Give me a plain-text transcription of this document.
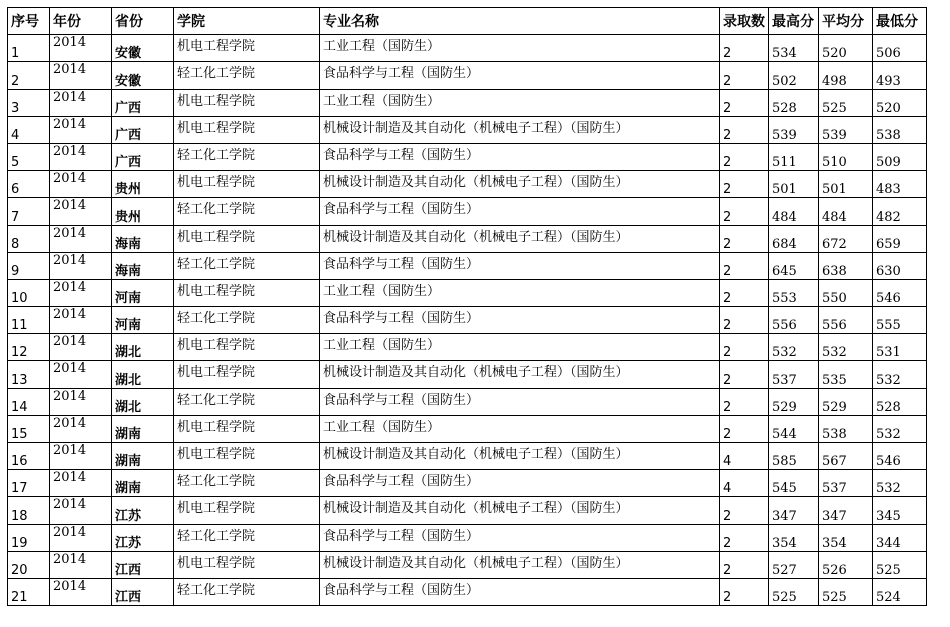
序号	年份	省份	学院	专业名称	录取数	最高分	平均分	最低分
1	2014	安徽	机电工程学院	工业工程（国防生）	2	534	520	506
2	2014	安徽	轻工化工学院	食品科学与工程（国防生）	2	502	498	493
3	2014	广西	机电工程学院	工业工程（国防生）	2	528	525	520
4	2014	广西	机电工程学院	机械设计制造及其自动化（机械电子工程）（国防生）	2	539	539	538
5	2014	广西	轻工化工学院	食品科学与工程（国防生）	2	511	510	509
6	2014	贵州	机电工程学院	机械设计制造及其自动化（机械电子工程）（国防生）	2	501	501	483
7	2014	贵州	轻工化工学院	食品科学与工程（国防生）	2	484	484	482
8	2014	海南	机电工程学院	机械设计制造及其自动化（机械电子工程）（国防生）	2	684	672	659
9	2014	海南	轻工化工学院	食品科学与工程（国防生）	2	645	638	630
10	2014	河南	机电工程学院	工业工程（国防生）	2	553	550	546
11	2014	河南	轻工化工学院	食品科学与工程（国防生）	2	556	556	555
12	2014	湖北	机电工程学院	工业工程（国防生）	2	532	532	531
13	2014	湖北	机电工程学院	机械设计制造及其自动化（机械电子工程）（国防生）	2	537	535	532
14	2014	湖北	轻工化工学院	食品科学与工程（国防生）	2	529	529	528
15	2014	湖南	机电工程学院	工业工程（国防生）	2	544	538	532
16	2014	湖南	机电工程学院	机械设计制造及其自动化（机械电子工程）（国防生）	4	585	567	546
17	2014	湖南	轻工化工学院	食品科学与工程（国防生）	4	545	537	532
18	2014	江苏	机电工程学院	机械设计制造及其自动化（机械电子工程）（国防生）	2	347	347	345
19	2014	江苏	轻工化工学院	食品科学与工程（国防生）	2	354	354	344
20	2014	江西	机电工程学院	机械设计制造及其自动化（机械电子工程）（国防生）	2	527	526	525
21	2014	江西	轻工化工学院	食品科学与工程（国防生）	2	525	525	524
